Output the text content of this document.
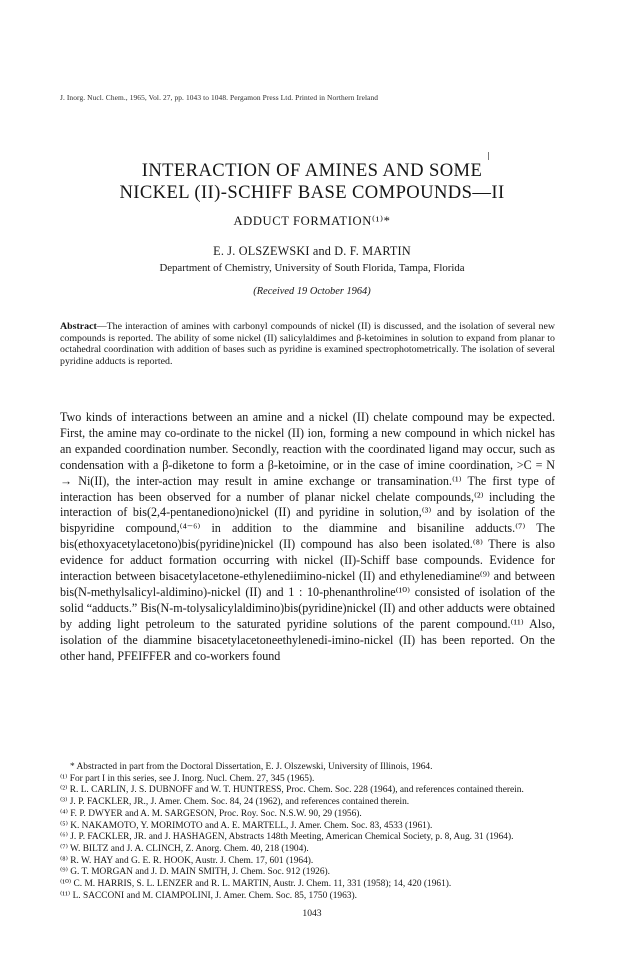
J. Inorg. Nucl. Chem., 1965, Vol. 27, pp. 1043 to 1048. Pergamon Press Ltd. Printed in Northern Ireland
INTERACTION OF AMINES AND SOME
NICKEL (II)-SCHIFF BASE COMPOUNDS—II
ADDUCT FORMATION⁽¹⁾*
E. J. OLSZEWSKI and D. F. MARTIN
Department of Chemistry, University of South Florida, Tampa, Florida
(Received 19 October 1964)
Abstract—The interaction of amines with carbonyl compounds of nickel (II) is discussed, and the isolation of several new compounds is reported. The ability of some nickel (II) salicylaldimes and β-ketoimines in solution to expand from planar to octahedral coordination with addition of bases such as pyridine is examined spectrophotometrically. The isolation of several pyridine adducts is reported.

Two kinds of interactions between an amine and a nickel (II) chelate compound may be expected. First, the amine may co-ordinate to the nickel (II) ion, forming a new compound in which nickel has an expanded coordination number. Secondly, reaction with the coordinated ligand may occur, such as condensation with a β-diketone to form a β-ketoimine, or in the case of imine coordination, >C = N → Ni(II), the inter-action may result in amine exchange or transamination.⁽¹⁾ The first type of interaction has been observed for a number of planar nickel chelate compounds,⁽²⁾ including the interaction of bis(2,4-pentanediono)nickel (II) and pyridine in solution,⁽³⁾ and by isolation of the bispyridine compound,⁽⁴⁻⁶⁾ in addition to the diammine and bisaniline adducts.⁽⁷⁾ The bis(ethoxyacetylacetono)bis(pyridine)nickel (II) compound has also been isolated.⁽⁸⁾ There is also evidence for adduct formation occurring with nickel (II)-Schiff base compounds. Evidence for interaction between bisacetylacetone-ethylenediimino-nickel (II) and ethylenediamine⁽⁹⁾ and between bis(N-methylsalicyl-aldimino)-nickel (II) and 1 : 10-phenanthroline⁽¹⁰⁾ consisted of isolation of the solid “adducts.” Bis(N-m-tolysalicylaldimino)bis(pyridine)nickel (II) and other adducts were obtained by adding light petroleum to the saturated pyridine solutions of the parent compound.⁽¹¹⁾ Also, isolation of the diammine bisacetylacetoneethylenedi-imino-nickel (II) has been reported. On the other hand, PFEIFFER and co-workers found

* Abstracted in part from the Doctoral Dissertation, E. J. Olszewski, University of Illinois, 1964.
⁽¹⁾ For part I in this series, see J. Inorg. Nucl. Chem. 27, 345 (1965).
⁽²⁾ R. L. CARLIN, J. S. DUBNOFF and W. T. HUNTRESS, Proc. Chem. Soc. 228 (1964), and references contained therein.
⁽³⁾ J. P. FACKLER, JR., J. Amer. Chem. Soc. 84, 24 (1962), and references contained therein.
⁽⁴⁾ F. P. DWYER and A. M. SARGESON, Proc. Roy. Soc. N.S.W. 90, 29 (1956).
⁽⁵⁾ K. NAKAMOTO, Y. MORIMOTO and A. E. MARTELL, J. Amer. Chem. Soc. 83, 4533 (1961).
⁽⁶⁾ J. P. FACKLER, JR. and J. HASHAGEN, Abstracts 148th Meeting, American Chemical Society, p. 8, Aug. 31 (1964).
⁽⁷⁾ W. BILTZ and J. A. CLINCH, Z. Anorg. Chem. 40, 218 (1904).
⁽⁸⁾ R. W. HAY and G. E. R. HOOK, Austr. J. Chem. 17, 601 (1964).
⁽⁹⁾ G. T. MORGAN and J. D. MAIN SMITH, J. Chem. Soc. 912 (1926).
⁽¹⁰⁾ C. M. HARRIS, S. L. LENZER and R. L. MARTIN, Austr. J. Chem. 11, 331 (1958); 14, 420 (1961).
⁽¹¹⁾ L. SACCONI and M. CIAMPOLINI, J. Amer. Chem. Soc. 85, 1750 (1963).
1043
